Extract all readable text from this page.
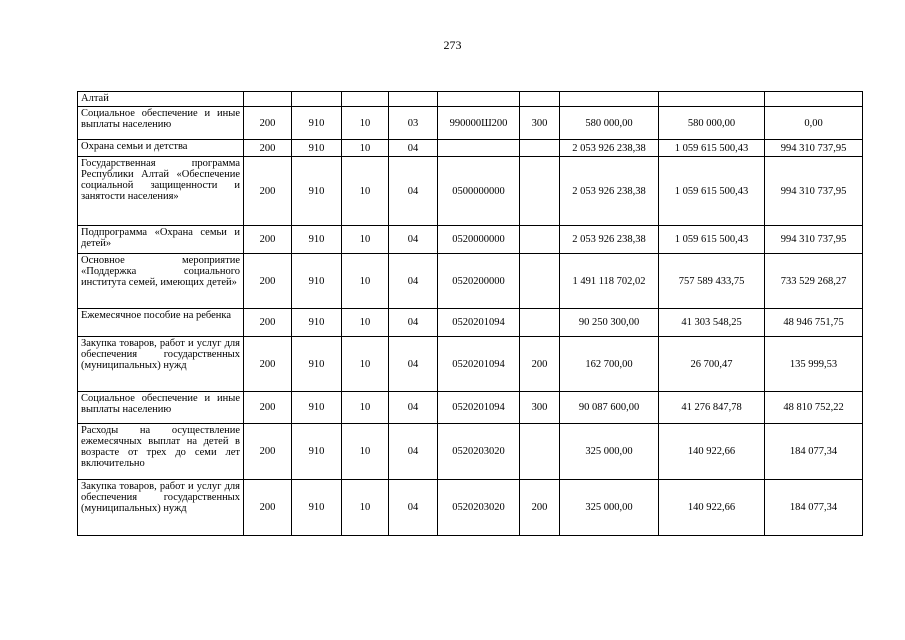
273
Алтай									
Социальное обеспечение и иные выплаты населению	200	910	10	03	990000Ш200	300	580 000,00	580 000,00	0,00
Охрана семьи и детства	200	910	10	04			2 053 926 238,38	1 059 615 500,43	994 310 737,95
Государственная программа Республики Алтай «Обеспечение социальной защищенности и занятости населения»	200	910	10	04	0500000000		2 053 926 238,38	1 059 615 500,43	994 310 737,95
Подпрограмма «Охрана семьи и детей»	200	910	10	04	0520000000		2 053 926 238,38	1 059 615 500,43	994 310 737,95
Основное мероприятие «Поддержка социального института семей, имеющих детей»	200	910	10	04	0520200000		1 491 118 702,02	757 589 433,75	733 529 268,27
Ежемесячное пособие на ребенка	200	910	10	04	0520201094		90 250 300,00	41 303 548,25	48 946 751,75
Закупка товаров, работ и услуг для обеспечения государственных (муниципальных) нужд	200	910	10	04	0520201094	200	162 700,00	26 700,47	135 999,53
Социальное обеспечение и иные выплаты населению	200	910	10	04	0520201094	300	90 087 600,00	41 276 847,78	48 810 752,22
Расходы на осуществление ежемесячных выплат на детей в возрасте от трех до семи лет включительно	200	910	10	04	0520203020		325 000,00	140 922,66	184 077,34
Закупка товаров, работ и услуг для обеспечения государственных (муниципальных) нужд	200	910	10	04	0520203020	200	325 000,00	140 922,66	184 077,34
